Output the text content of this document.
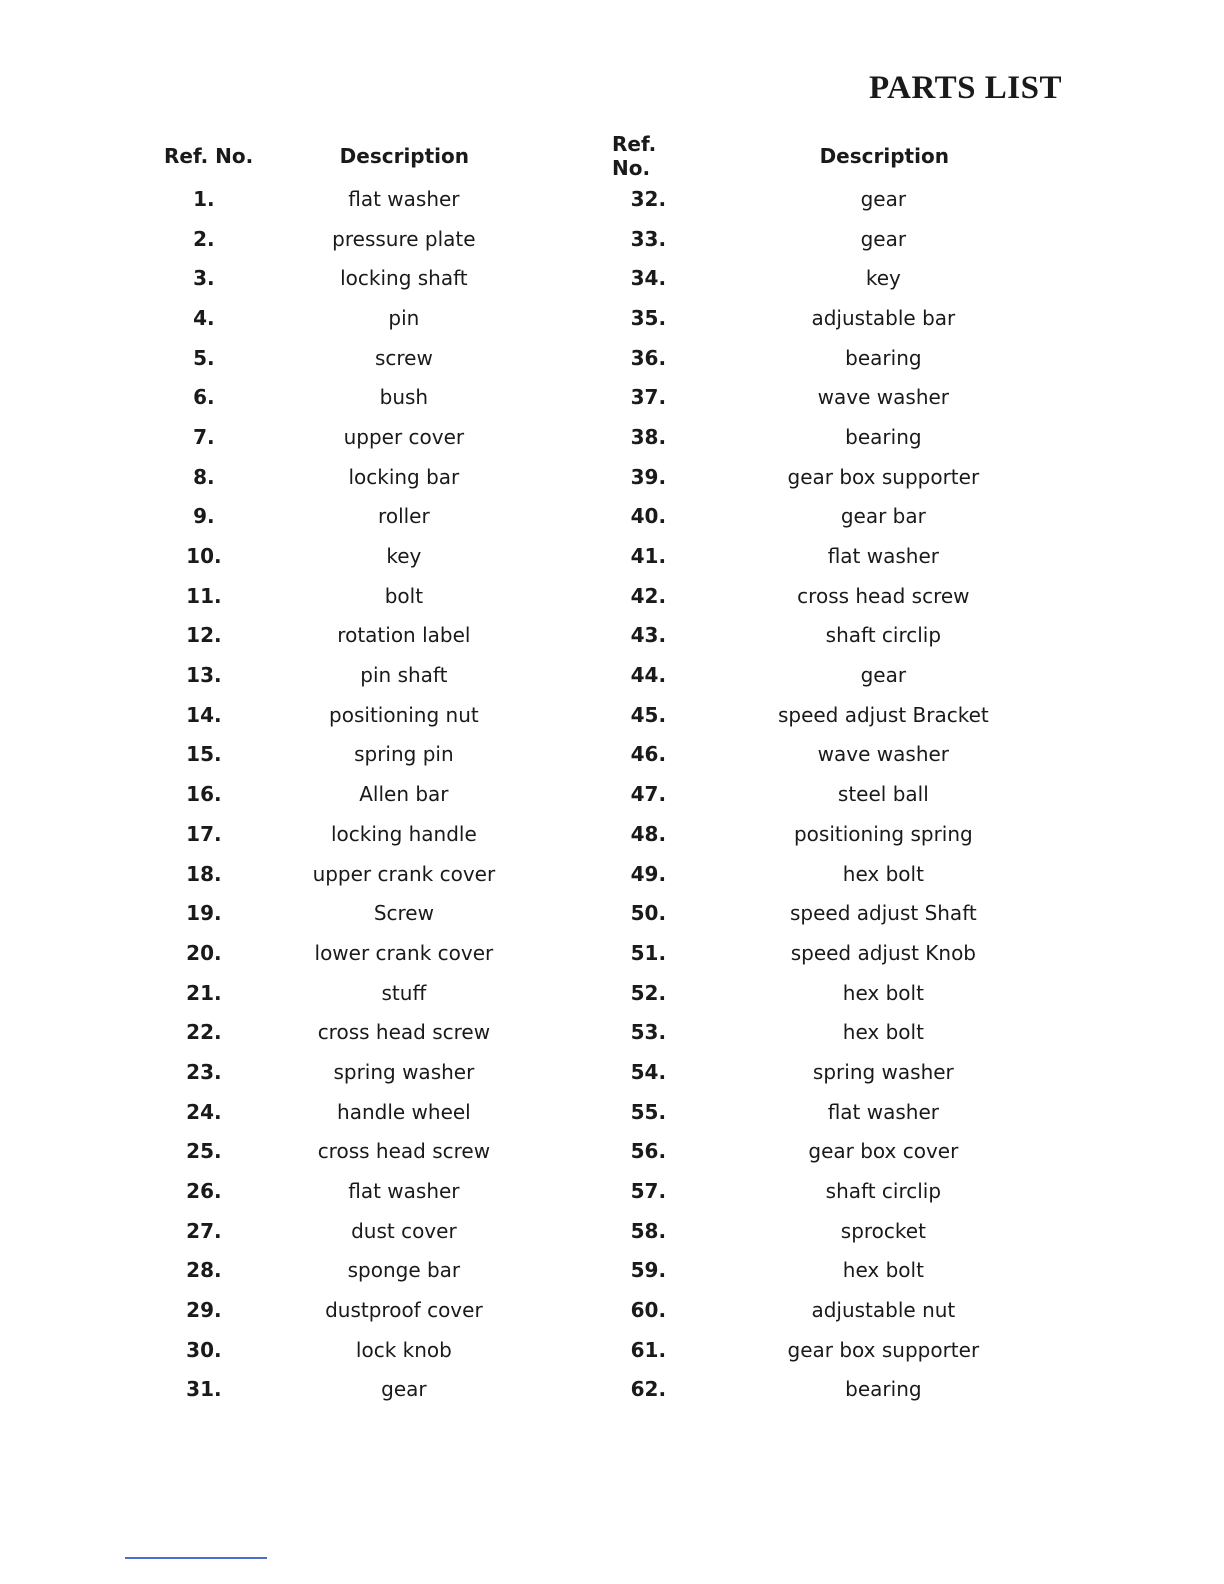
PARTS LIST
Ref. No.	Description
1.	flat washer
2.	pressure plate
3.	locking shaft
4.	pin
5.	screw
6.	bush
7.	upper cover
8.	locking bar
9.	roller
10.	key
11.	bolt
12.	rotation label
13.	pin shaft
14.	positioning nut
15.	spring pin
16.	Allen bar
17.	locking handle
18.	upper crank cover
19.	Screw
20.	lower crank cover
21.	stuff
22.	cross head screw
23.	spring washer
24.	handle wheel
25.	cross head screw
26.	flat washer
27.	dust cover
28.	sponge bar
29.	dustproof cover
30.	lock knob
31.	gear
Ref. No.	Description
32.	gear
33.	gear
34.	key
35.	adjustable bar
36.	bearing
37.	wave washer
38.	bearing
39.	gear box supporter
40.	gear bar
41.	flat washer
42.	cross head screw
43.	shaft circlip
44.	gear
45.	speed adjust Bracket
46.	wave washer
47.	steel ball
48.	positioning spring
49.	hex bolt
50.	speed adjust Shaft
51.	speed adjust Knob
52.	hex bolt
53.	hex bolt
54.	spring washer
55.	flat washer
56.	gear box cover
57.	shaft circlip
58.	sprocket
59.	hex bolt
60.	adjustable nut
61.	gear box supporter
62.	bearing
